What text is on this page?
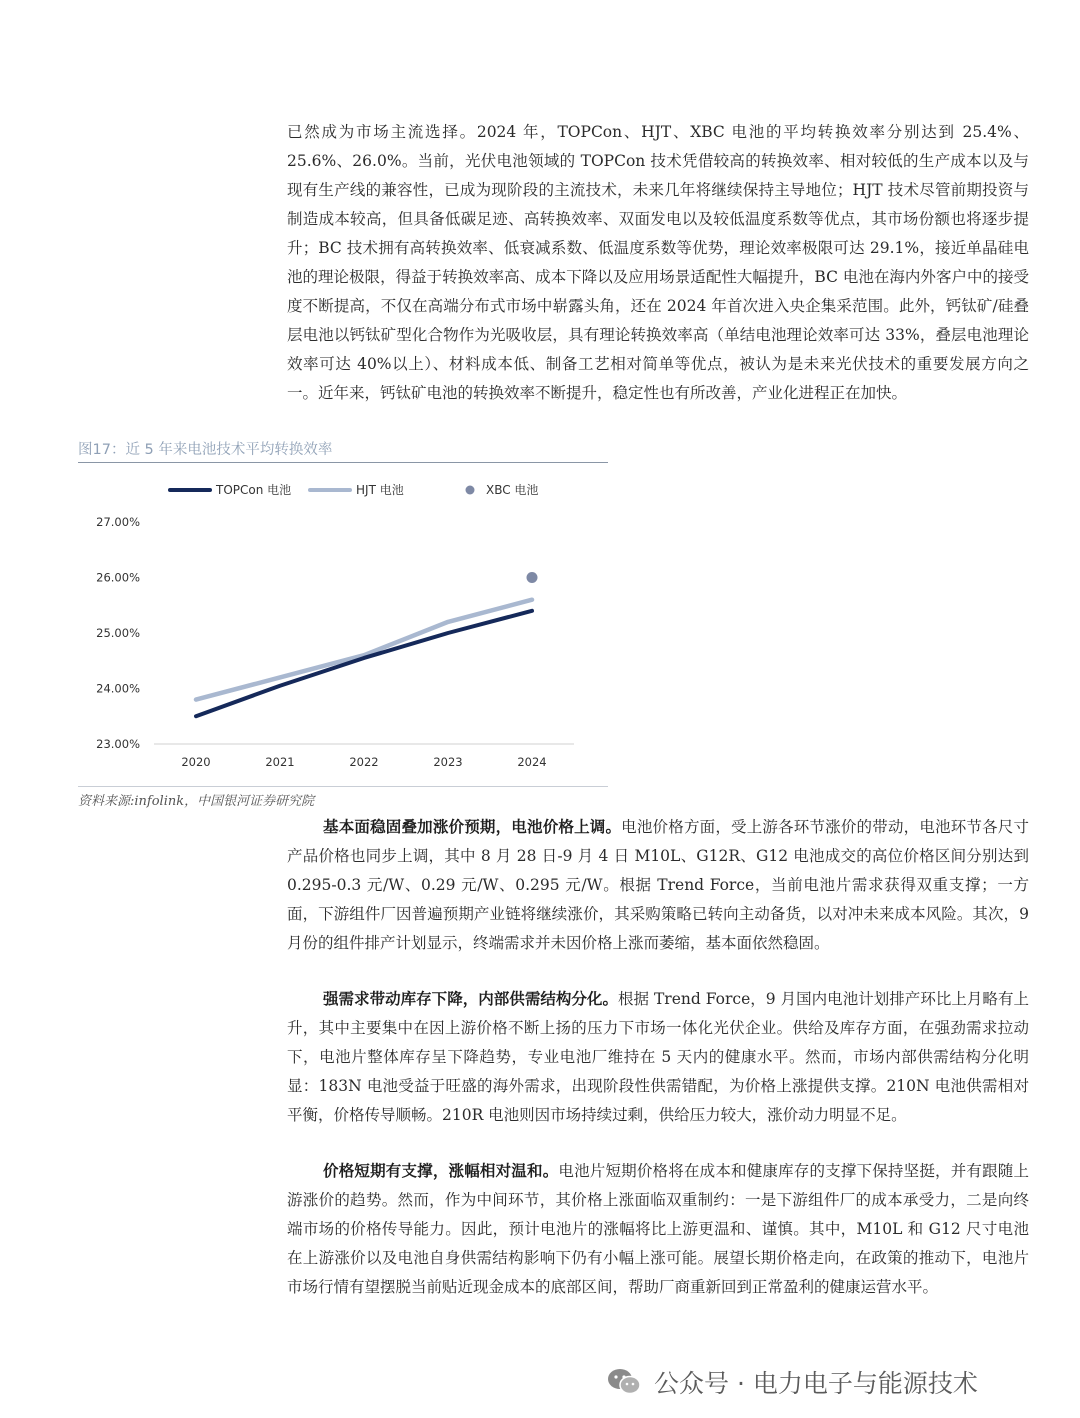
已然成为市场主流选择。2024 年，TOPCon、HJT、XBC 电池的平均转换效率分别达到 25.4%、25.6%、26.0%。当前，光伏电池领域的 TOPCon 技术凭借较高的转换效率、相对较低的生产成本以及与现有生产线的兼容性，已成为现阶段的主流技术，未来几年将继续保持主导地位；HJT 技术尽管前期投资与制造成本较高，但具备低碳足迹、高转换效率、双面发电以及较低温度系数等优点，其市场份额也将逐步提升；BC 技术拥有高转换效率、低衰减系数、低温度系数等优势，理论效率极限可达 29.1%，接近单晶硅电池的理论极限，得益于转换效率高、成本下降以及应用场景适配性大幅提升，BC 电池在海内外客户中的接受度不断提高，不仅在高端分布式市场中崭露头角，还在 2024 年首次进入央企集采范围。此外，钙钛矿/硅叠层电池以钙钛矿型化合物作为光吸收层，具有理论转换效率高（单结电池理论效率可达 33%，叠层电池理论效率可达 40%以上）、材料成本低、制备工艺相对简单等优点，被认为是未来光伏技术的重要发展方向之一。近年来，钙钛矿电池的转换效率不断提升，稳定性也有所改善，产业化进程正在加快。

图17：近 5 年来电池技术平均转换效率

TOPCon 电池	HJT 电池	XBC 电池
23.00%
24.00%
25.00%
26.00%
27.00%
2020	2021	2022	2023	2024

资料来源:infolink，中国银河证券研究院

基本面稳固叠加涨价预期，电池价格上调。电池价格方面，受上游各环节涨价的带动，电池环节各尺寸产品价格也同步上调，其中 8 月 28 日-9 月 4 日 M10L、G12R、G12 电池成交的高位价格区间分别达到 0.295-0.3 元/W、0.29 元/W、0.295 元/W。根据 Trend Force，当前电池片需求获得双重支撑；一方面，下游组件厂因普遍预期产业链将继续涨价，其采购策略已转向主动备货，以对冲未来成本风险。其次，9 月份的组件排产计划显示，终端需求并未因价格上涨而萎缩，基本面依然稳固。

强需求带动库存下降，内部供需结构分化。根据 Trend Force，9 月国内电池计划排产环比上月略有上升，其中主要集中在因上游价格不断上扬的压力下市场一体化光伏企业。供给及库存方面，在强劲需求拉动下，电池片整体库存呈下降趋势，专业电池厂维持在 5 天内的健康水平。然而，市场内部供需结构分化明显：183N 电池受益于旺盛的海外需求，出现阶段性供需错配，为价格上涨提供支撑。210N 电池供需相对平衡，价格传导顺畅。210R 电池则因市场持续过剩，供给压力较大，涨价动力明显不足。

价格短期有支撑，涨幅相对温和。电池片短期价格将在成本和健康库存的支撑下保持坚挺，并有跟随上游涨价的趋势。然而，作为中间环节，其价格上涨面临双重制约：一是下游组件厂的成本承受力，二是向终端市场的价格传导能力。因此，预计电池片的涨幅将比上游更温和、谨慎。其中，M10L 和 G12 尺寸电池在上游涨价以及电池自身供需结构影响下仍有小幅上涨可能。展望长期价格走向，在政策的推动下，电池片市场行情有望摆脱当前贴近现金成本的底部区间，帮助厂商重新回到正常盈利的健康运营水平。

公众号 · 电力电子与能源技术
